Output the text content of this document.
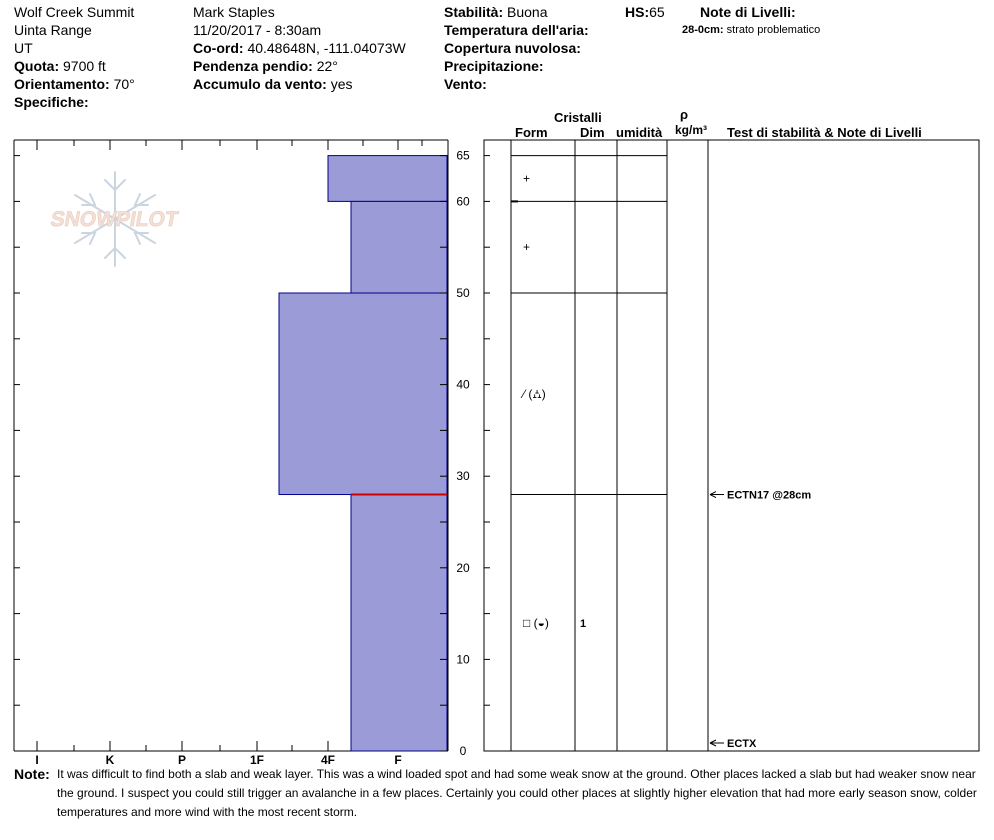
Wolf Creek Summit
Uinta Range
UT
Quota: 9700 ft
Orientamento: 70°
Specifiche:
Mark Staples
11/20/2017 - 8:30am
Co-ord: 40.48648N, -111.04073W
Pendenza pendio: 22°
Accumulo da vento: yes
Stabilità: Buona	HS:65
Temperatura dell'aria:
Copertura nuvolosa:
Precipitazione:
Vento:
Note di Livelli:
28-0cm: strato problematico
Cristalli
Form	Dim umidità
ρ
kg/m³ Test di stabilità & Note di Livelli
SNOWPILOT
I	K	P	1F	4F	F
0
10
20
30
40
50
60
65
+
+
⁄ (⛼)
□ (◒)	1
ECTN17 @28cm
ECTX
Note: It was difficult to find both a slab and weak layer. This was a wind loaded spot and had some weak snow at the ground. Other places lacked a slab but had weaker snow near the ground. I suspect you could still trigger an avalanche in a few places. Certainly you could other places at slightly higher elevation that had more early season snow, colder temperatures and more wind with the most recent storm.
